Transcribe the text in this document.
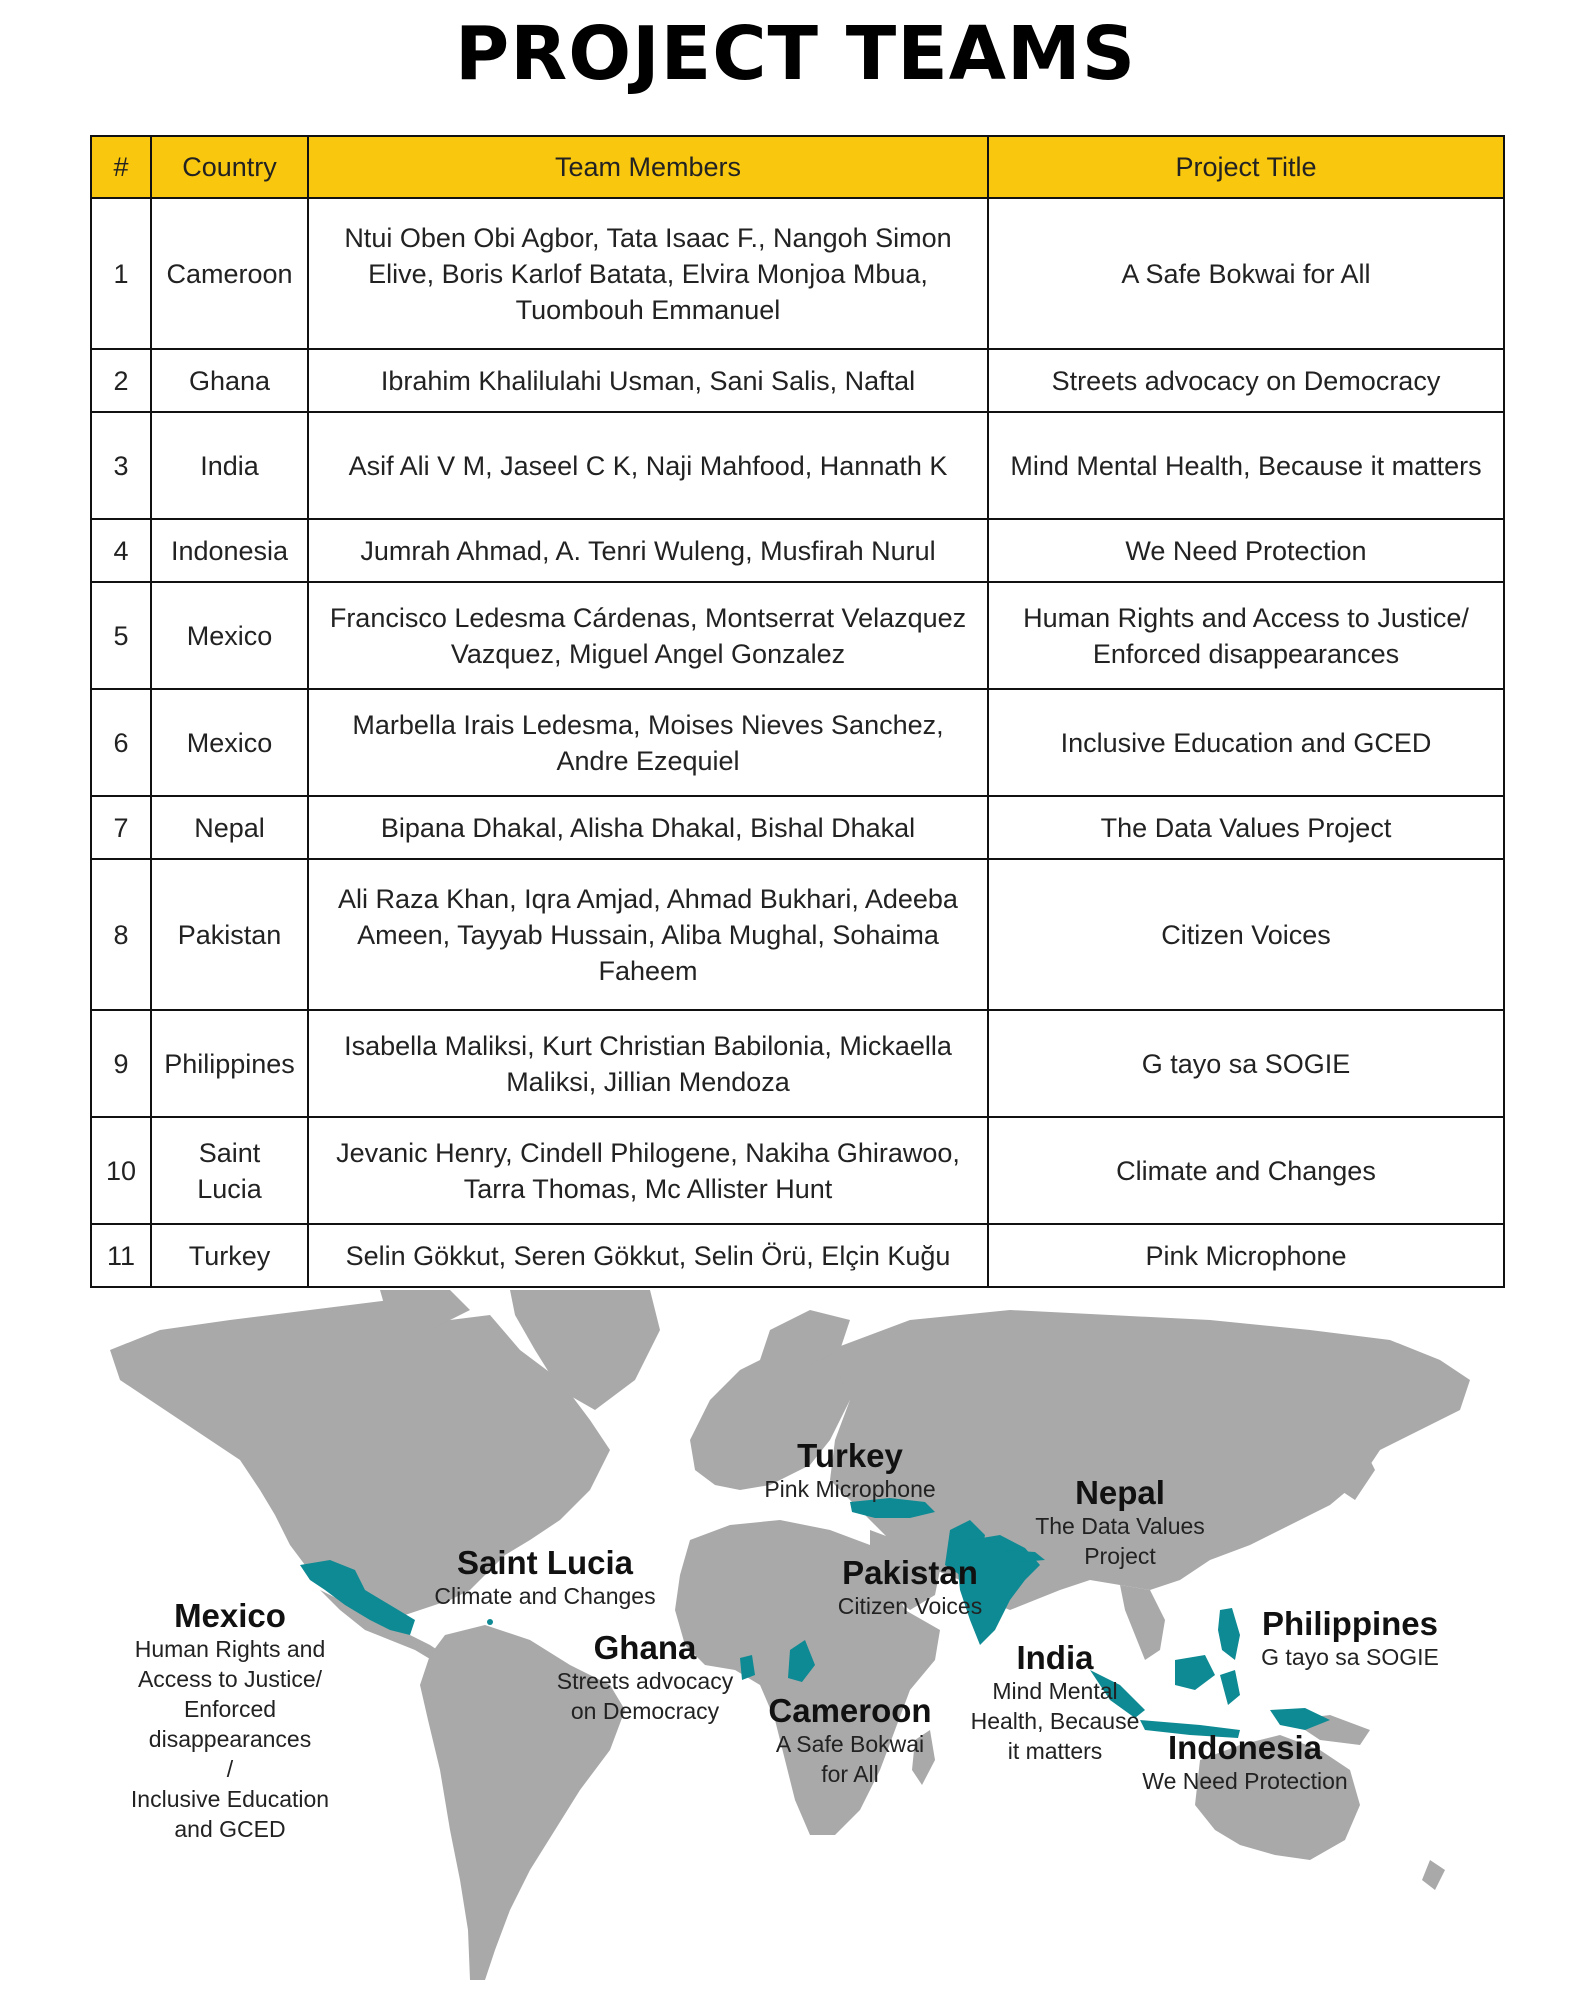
PROJECT TEAMS
#	Country	Team Members	Project Title
1	Cameroon	Ntui Oben Obi Agbor, Tata Isaac F., Nangoh Simon Elive, Boris Karlof Batata, Elvira Monjoa Mbua, Tuombouh Emmanuel	A Safe Bokwai for All
2	Ghana	Ibrahim Khalilulahi Usman, Sani Salis, Naftal	Streets advocacy on Democracy
3	India	Asif Ali V M, Jaseel C K, Naji Mahfood, Hannath K	Mind Mental Health, Because it matters
4	Indonesia	Jumrah Ahmad, A. Tenri Wuleng, Musfirah Nurul	We Need Protection
5	Mexico	Francisco Ledesma Cárdenas, Montserrat Velazquez Vazquez, Miguel Angel Gonzalez	Human Rights and Access to Justice/ Enforced disappearances
6	Mexico	Marbella Irais Ledesma, Moises Nieves Sanchez, Andre Ezequiel	Inclusive Education and GCED
7	Nepal	Bipana Dhakal, Alisha Dhakal, Bishal Dhakal	The Data Values Project
8	Pakistan	Ali Raza Khan, Iqra Amjad, Ahmad Bukhari, Adeeba Ameen, Tayyab Hussain, Aliba Mughal, Sohaima Faheem	Citizen Voices
9	Philippines	Isabella Maliksi, Kurt Christian Babilonia, Mickaella Maliksi, Jillian Mendoza	G tayo sa SOGIE
10	Saint Lucia	Jevanic Henry, Cindell Philogene, Nakiha Ghirawoo, Tarra Thomas, Mc Allister Hunt	Climate and Changes
11	Turkey	Selin Gökkut, Seren Gökkut, Selin Örü, Elçin Kuğu	Pink Microphone
Turkey
Pink Microphone	Nepal
The Data Values
Project
Saint Lucia
Climate and Changes
Pakistan
Citizen Voices
Mexico
Human Rights and
Access to Justice/
Enforced
disappearances
/
Inclusive Education
and GCED
Philippines
G tayo sa SOGIE
Ghana
Streets advocacy
on Democracy
India
Mind Mental
Health, Because
it matters
Cameroon
A Safe Bokwai
for All
Indonesia
We Need Protection
